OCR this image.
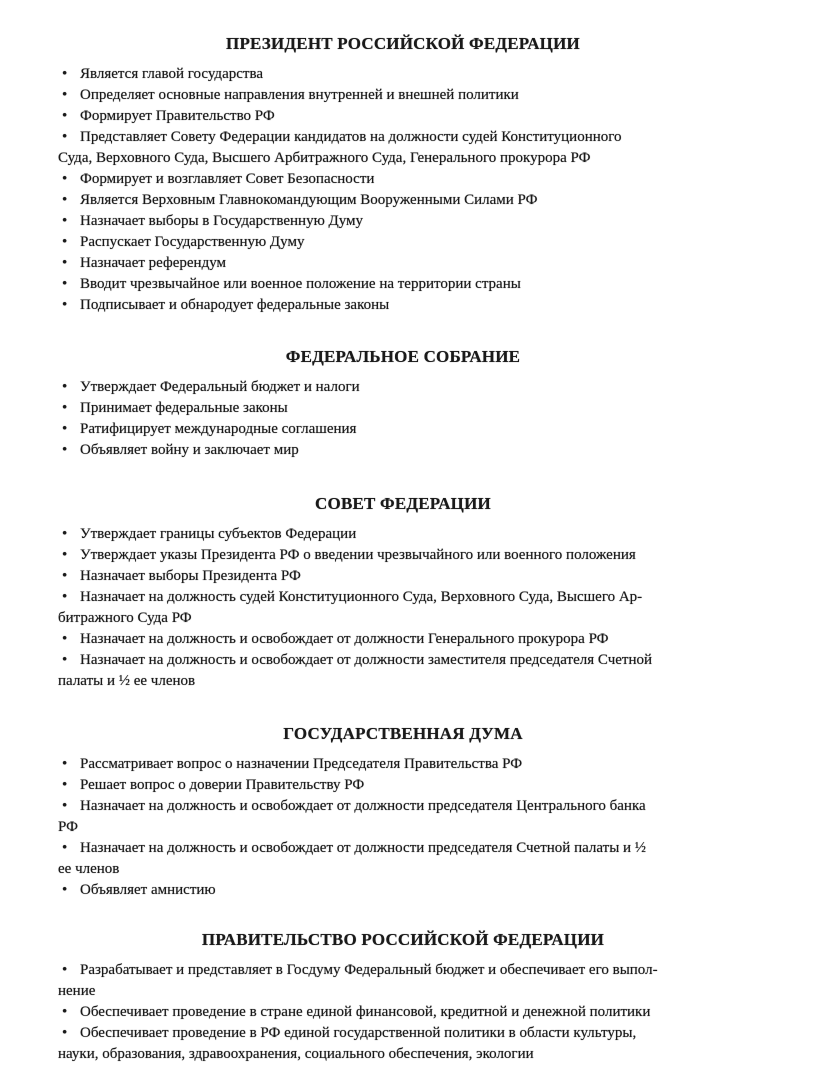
ПРЕЗИДЕНТ РОССИЙСКОЙ ФЕДЕРАЦИИ
• Является главой государства
• Определяет основные направления внутренней и внешней политики
• Формирует Правительство РФ
• Представляет Совету Федерации кандидатов на должности судей Конституционного
Суда, Верховного Суда, Высшего Арбитражного Суда, Генерального прокурора РФ
• Формирует и возглавляет Совет Безопасности
• Является Верховным Главнокомандующим Вооруженными Силами РФ
• Назначает выборы в Государственную Думу
• Распускает Государственную Думу
• Назначает референдум
• Вводит чрезвычайное или военное положение на территории страны
• Подписывает и обнародует федеральные законы
ФЕДЕРАЛЬНОЕ СОБРАНИЕ
• Утверждает Федеральный бюджет и налоги
• Принимает федеральные законы
• Ратифицирует международные соглашения
• Объявляет войну и заключает мир
СОВЕТ ФЕДЕРАЦИИ
• Утверждает границы субъектов Федерации
• Утверждает указы Президента РФ о введении чрезвычайного или военного положения
• Назначает выборы Президента РФ
• Назначает на должность судей Конституционного Суда, Верховного Суда, Высшего Ар-
битражного Суда РФ
• Назначает на должность и освобождает от должности Генерального прокурора РФ
• Назначает на должность и освобождает от должности заместителя председателя Счетной
палаты и ½ ее членов
ГОСУДАРСТВЕННАЯ ДУМА
• Рассматривает вопрос о назначении Председателя Правительства РФ
• Решает вопрос о доверии Правительству РФ
• Назначает на должность и освобождает от должности председателя Центрального банка
РФ
• Назначает на должность и освобождает от должности председателя Счетной палаты и ½
ее членов
• Объявляет амнистию
ПРАВИТЕЛЬСТВО РОССИЙСКОЙ ФЕДЕРАЦИИ
• Разрабатывает и представляет в Госдуму Федеральный бюджет и обеспечивает его выпол-
нение
• Обеспечивает проведение в стране единой финансовой, кредитной и денежной политики
• Обеспечивает проведение в РФ единой государственной политики в области культуры,
науки, образования, здравоохранения, социального обеспечения, экологии
